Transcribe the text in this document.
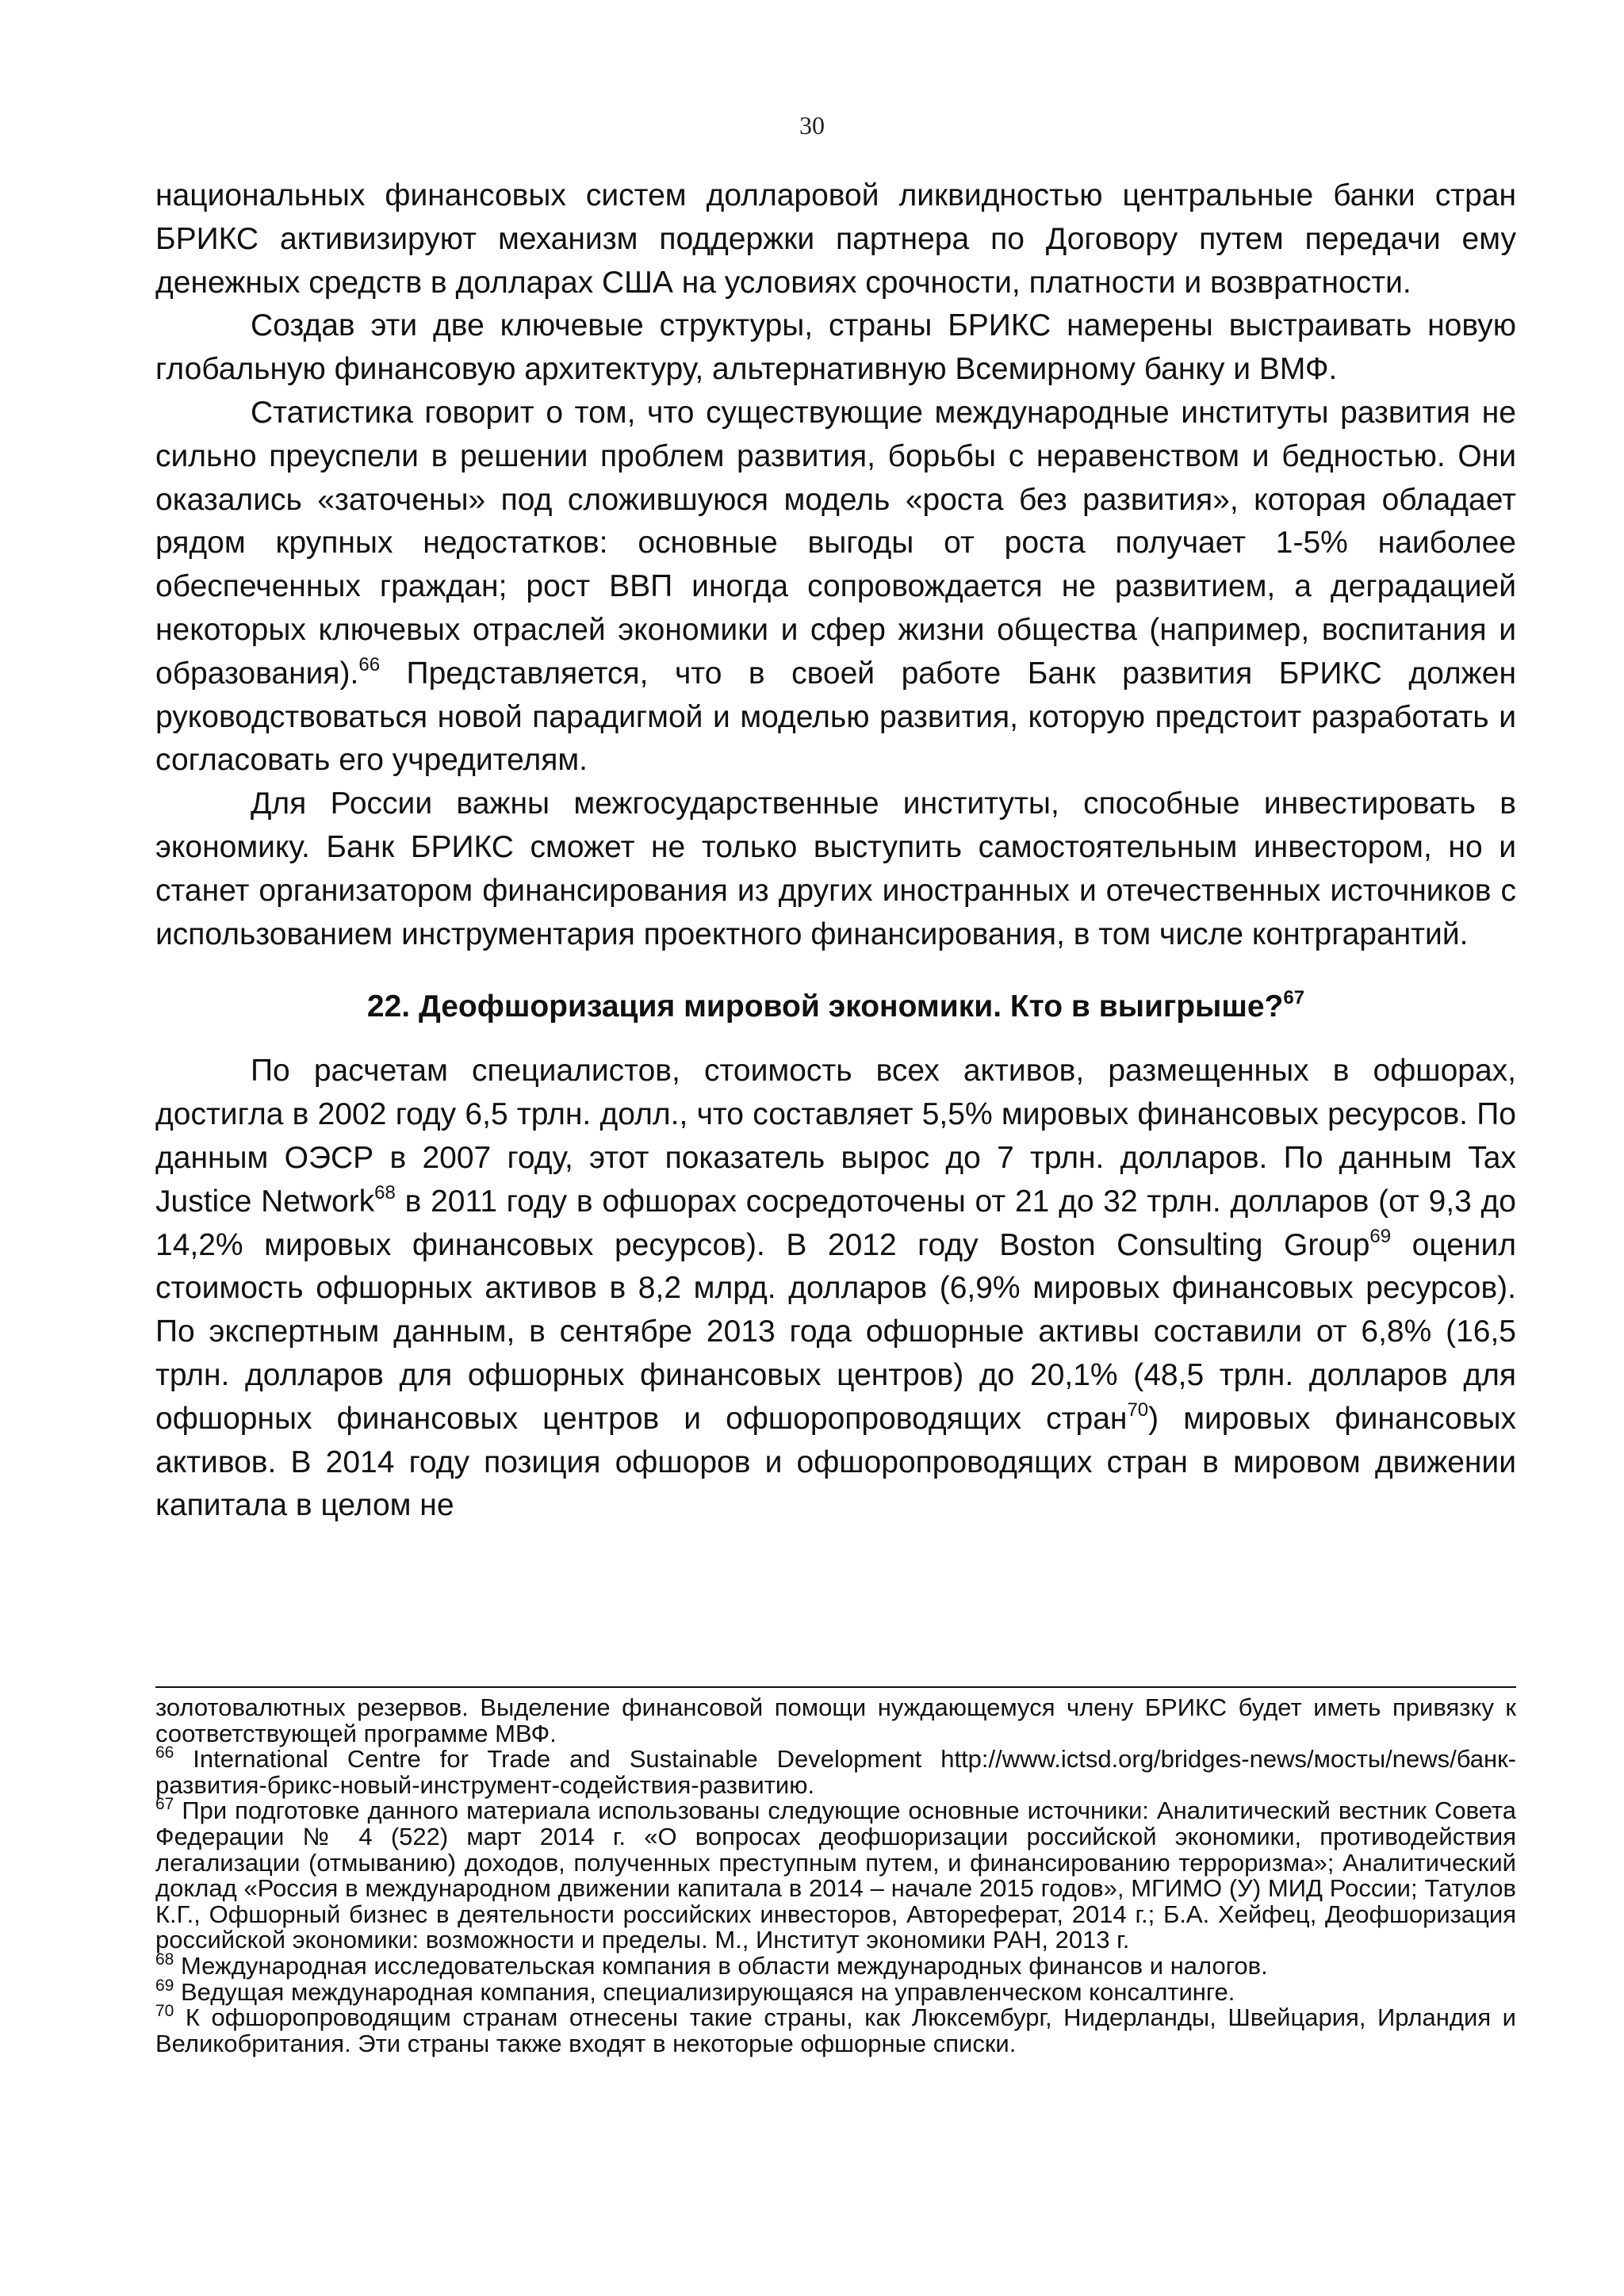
30

национальных финансовых систем долларовой ликвидностью центральные банки стран БРИКС активизируют механизм поддержки партнера по Договору путем передачи ему денежных средств в долларах США на условиях срочности, платности и возвратности.

Создав эти две ключевые структуры, страны БРИКС намерены выстраивать новую глобальную финансовую архитектуру, альтернативную Всемирному банку и ВМФ.

Статистика говорит о том, что существующие международные институты развития не сильно преуспели в решении проблем развития, борьбы с неравенством и бедностью. Они оказались «заточены» под сложившуюся модель «роста без развития», которая обладает рядом крупных недостатков: основные выгоды от роста получает 1-5% наиболее обеспеченных граждан; рост ВВП иногда сопровождается не развитием, а деградацией некоторых ключевых отраслей экономики и сфер жизни общества (например, воспитания и образования).$^{66}$ Представляется, что в своей работе Банк развития БРИКС должен руководствоваться новой парадигмой и моделью развития, которую предстоит разработать и согласовать его учредителям.

Для России важны межгосударственные институты, способные инвестировать в экономику. Банк БРИКС сможет не только выступить самостоятельным инвестором, но и станет организатором финансирования из других иностранных и отечественных источников с использованием инструментария проектного финансирования, в том числе контргарантий.

22. Деофшоризация мировой экономики. Кто в выигрыше?$^{67}$

По расчетам специалистов, стоимость всех активов, размещенных в офшорах, достигла в 2002 году 6,5 трлн. долл., что составляет 5,5% мировых финансовых ресурсов. По данным ОЭСР в 2007 году, этот показатель вырос до 7 трлн. долларов. По данным Tax Justice Network$^{68}$ в 2011 году в офшорах сосредоточены от 21 до 32 трлн. долларов (от 9,3 до 14,2% мировых финансовых ресурсов). В 2012 году Boston Consulting Group$^{69}$ оценил стоимость офшорных активов в 8,2 млрд. долларов (6,9% мировых финансовых ресурсов). По экспертным данным, в сентябре 2013 года офшорные активы составили от 6,8% (16,5 трлн. долларов для офшорных финансовых центров) до 20,1% (48,5 трлн. долларов для офшорных финансовых центров и офшоропроводящих стран$^{70}$) мировых финансовых активов. В 2014 году позиция офшоров и офшоропроводящих стран в мировом движении капитала в целом не

золотовалютных резервов. Выделение финансовой помощи нуждающемуся члену БРИКС будет иметь привязку к соответствующей программе МВФ.

$^{66}$ International Centre for Trade and Sustainable Development http://www.ictsd.org/bridges-news/мосты/news/банк-развития-брикс-новый-инструмент-содействия-развитию.

$^{67}$ При подготовке данного материала использованы следующие основные источники: Аналитический вестник Совета Федерации № 4 (522) март 2014 г. «О вопросах деофшоризации российской экономики, противодействия легализации (отмыванию) доходов, полученных преступным путем, и финансированию терроризма»; Аналитический доклад «Россия в международном движении капитала в 2014 – начале 2015 годов», МГИМО (У) МИД России; Татулов К.Г., Офшорный бизнес в деятельности российских инвесторов, Автореферат, 2014 г.; Б.А. Хейфец, Деофшоризация российской экономики: возможности и пределы. М., Институт экономики РАН, 2013 г.

$^{68}$ Международная исследовательская компания в области международных финансов и налогов.

$^{69}$ Ведущая международная компания, специализирующаяся на управленческом консалтинге.

$^{70}$ К офшоропроводящим странам отнесены такие страны, как Люксембург, Нидерланды, Швейцария, Ирландия и Великобритания. Эти страны также входят в некоторые офшорные списки.
